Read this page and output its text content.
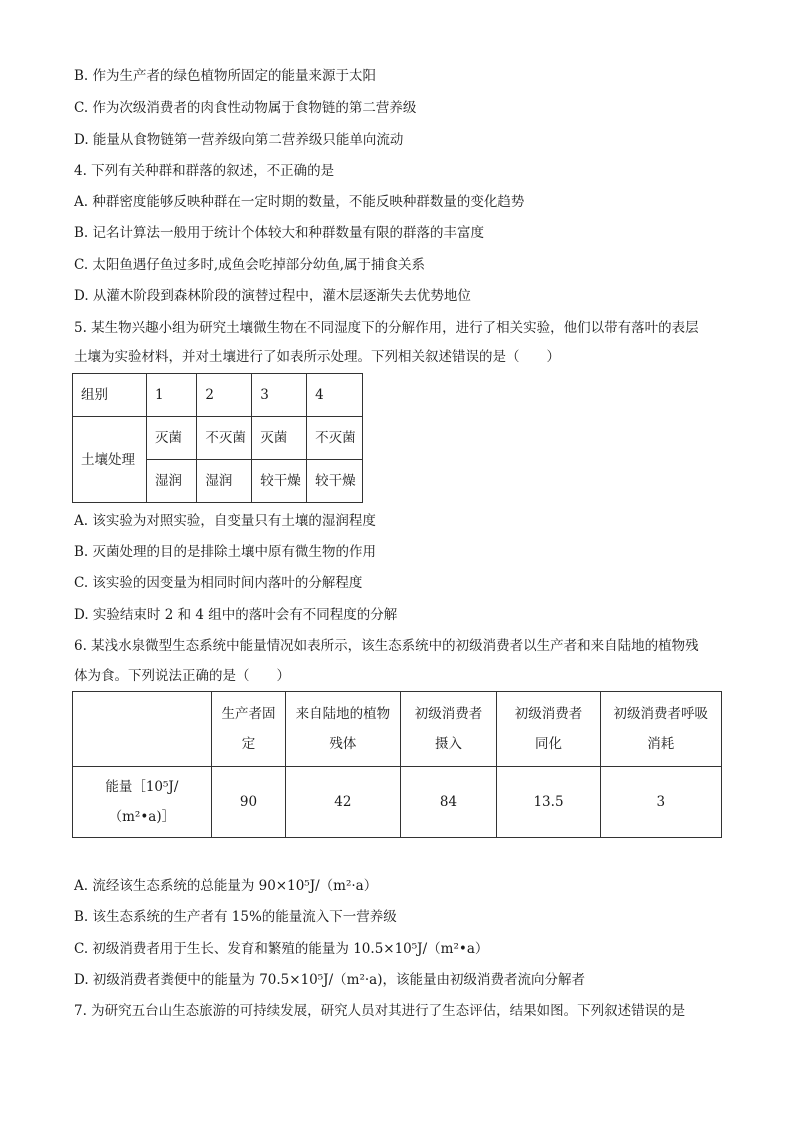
B. 作为生产者的绿色植物所固定的能量来源于太阳
C. 作为次级消费者的肉食性动物属于食物链的第二营养级
D. 能量从食物链第一营养级向第二营养级只能单向流动
4. 下列有关种群和群落的叙述，不正确的是
A. 种群密度能够反映种群在一定时期的数量，不能反映种群数量的变化趋势
B. 记名计算法一般用于统计个体较大和种群数量有限的群落的丰富度
C. 太阳鱼遇仔鱼过多时,成鱼会吃掉部分幼鱼,属于捕食关系
D. 从灌木阶段到森林阶段的演替过程中，灌木层逐渐失去优势地位
5. 某生物兴趣小组为研究土壤微生物在不同湿度下的分解作用，进行了相关实验，他们以带有落叶的表层
土壤为实验材料，并对土壤进行了如表所示处理。下列相关叙述错误的是（　　）
组别	1	2	3	4
土壤处理	灭菌	不灭菌	灭菌	不灭菌
	湿润	湿润	较干燥	较干燥
A. 该实验为对照实验，自变量只有土壤的湿润程度
B. 灭菌处理的目的是排除土壤中原有微生物的作用
C. 该实验的因变量为相同时间内落叶的分解程度
D. 实验结束时 2 和 4 组中的落叶会有不同程度的分解
6. 某浅水泉微型生态系统中能量情况如表所示，该生态系统中的初级消费者以生产者和来自陆地的植物残
体为食。下列说法正确的是（　　）

	生产者固
定	来自陆地的植物
残体	初级消费者
摄入	初级消费者
同化	初级消费者呼吸
消耗

能量［10⁵J/
（m²•a)］	90	42	84	13.5	3
A. 流经该生态系统的总能量为 90×10⁵J/（m²·a）
B. 该生态系统的生产者有 15%的能量流入下一营养级
C. 初级消费者用于生长、发育和繁殖的能量为 10.5×10⁵J/（m²•a）
D. 初级消费者粪便中的能量为 70.5×10⁵J/（m²·a)，该能量由初级消费者流向分解者
7. 为研究五台山生态旅游的可持续发展，研究人员对其进行了生态评估，结果如图。下列叙述错误的是
